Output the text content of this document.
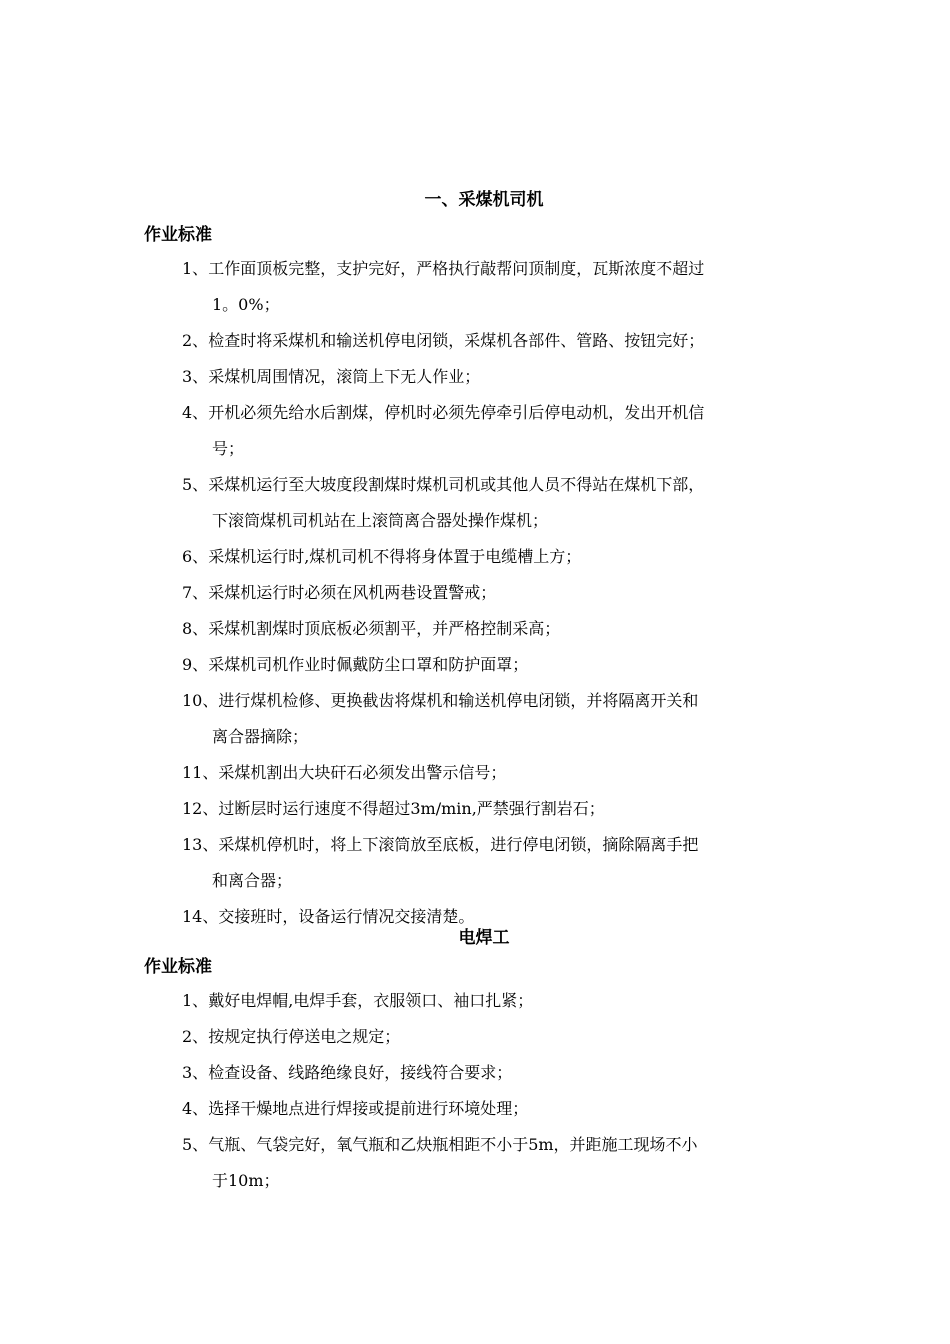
一、采煤机司机
作业标准
1、工作面顶板完整，支护完好，严格执行敲帮问顶制度，瓦斯浓度不超过
1。0%；
2、检查时将采煤机和输送机停电闭锁，采煤机各部件、管路、按钮完好；
3、采煤机周围情况，滚筒上下无人作业；
4、开机必须先给水后割煤，停机时必须先停牵引后停电动机，发出开机信
号；
5、采煤机运行至大坡度段割煤时煤机司机或其他人员不得站在煤机下部，
下滚筒煤机司机站在上滚筒离合器处操作煤机；
6、采煤机运行时,煤机司机不得将身体置于电缆槽上方；
7、采煤机运行时必须在风机两巷设置警戒；
8、采煤机割煤时顶底板必须割平，并严格控制采高；
9、采煤机司机作业时佩戴防尘口罩和防护面罩；
10、进行煤机检修、更换截齿将煤机和输送机停电闭锁，并将隔离开关和
离合器摘除；
11、采煤机割出大块矸石必须发出警示信号；
12、过断层时运行速度不得超过3m/min,严禁强行割岩石；
13、采煤机停机时，将上下滚筒放至底板，进行停电闭锁，摘除隔离手把
和离合器；
14、交接班时，设备运行情况交接清楚。
电焊工
作业标准
1、戴好电焊帽,电焊手套，衣服领口、袖口扎紧；
2、按规定执行停送电之规定；
3、检查设备、线路绝缘良好，接线符合要求；
4、选择干燥地点进行焊接或提前进行环境处理；
5、气瓶、气袋完好，氧气瓶和乙炔瓶相距不小于5m，并距施工现场不小
于10m；
